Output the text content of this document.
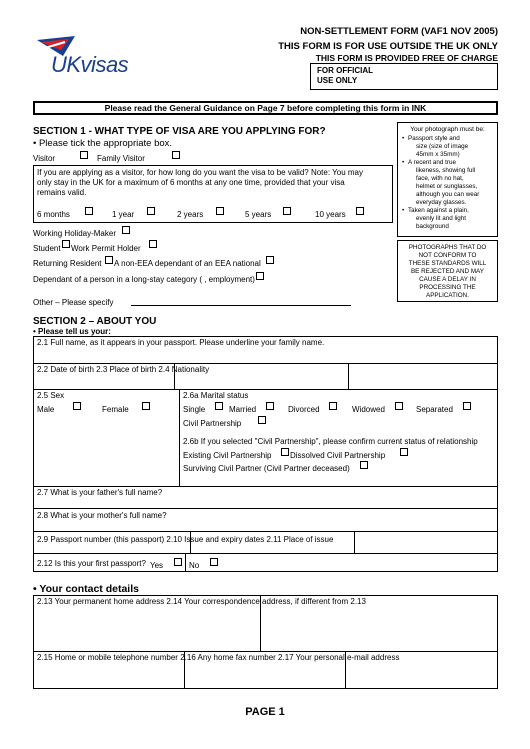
UKvisas
NON-SETTLEMENT FORM (VAF1 NOV 2005)
THIS FORM IS FOR USE OUTSIDE THE UK ONLY
THIS FORM IS PROVIDED FREE OF CHARGE
FOR OFFICIAL
USE ONLY
Please read the General Guidance on Page 7 before completing this form in INK
Your photograph must be:
• Passport style and
size (size of image
45mm x 35mm)
• A recent and true
likeness, showing full
face, with no hat,
helmet or sunglasses,
although you can wear
everyday glasses.
• Taken against a plain,
evenly lit and light
background
PHOTOGRAPHS THAT DO
NOT CONFORM TO
THESE STANDARDS WILL
BE REJECTED AND MAY
CAUSE A DELAY IN
PROCESSING THE
APPLICATION.
SECTION 1 - WHAT TYPE OF VISA ARE YOU APPLYING FOR?
• Please tick the appropriate box.
Visitor	Family Visitor
If you are applying as a visitor, for how long do you want the visa to be valid? Note: You may
only stay in the UK for a maximum of 6 months at any one time, provided that your visa
remains valid.
6 months	1 year	2 years	5 years	10 years
Working Holiday-Maker
Student Work Permit Holder
Returning Resident A non-EEA dependant of an EEA national
Dependant of a person in a long-stay category ( , employment)
Other – Please specify
SECTION 2 – ABOUT YOU
• Please tell us your:
2.1 Full name, as it appears in your passport. Please underline your family name.
2.2 Date of birth 2.3 Place of birth 2.4 Nationality
2.5 Sex
Male	Female
2.6a Marital status
Single	Married	Divorced	Widowed	Separated
Civil Partnership
2.6b If you selected "Civil Partnership", please confirm current status of relationship
Existing Civil Partnership Dissolved Civil Partnership
Surviving Civil Partner (Civil Partner deceased)
2.7 What is your father's full name?
2.8 What is your mother's full name?
2.9 Passport number (this passport) 2.10 Issue and expiry dates 2.11 Place of issue
2.12 Is this your first passport? Yes	No
• Your contact details
2.13 Your permanent home address 2.14 Your correspondence address, if different from 2.13
2.15 Home or mobile telephone number 2.16 Any home fax number 2.17 Your personal e-mail address
PAGE 1
